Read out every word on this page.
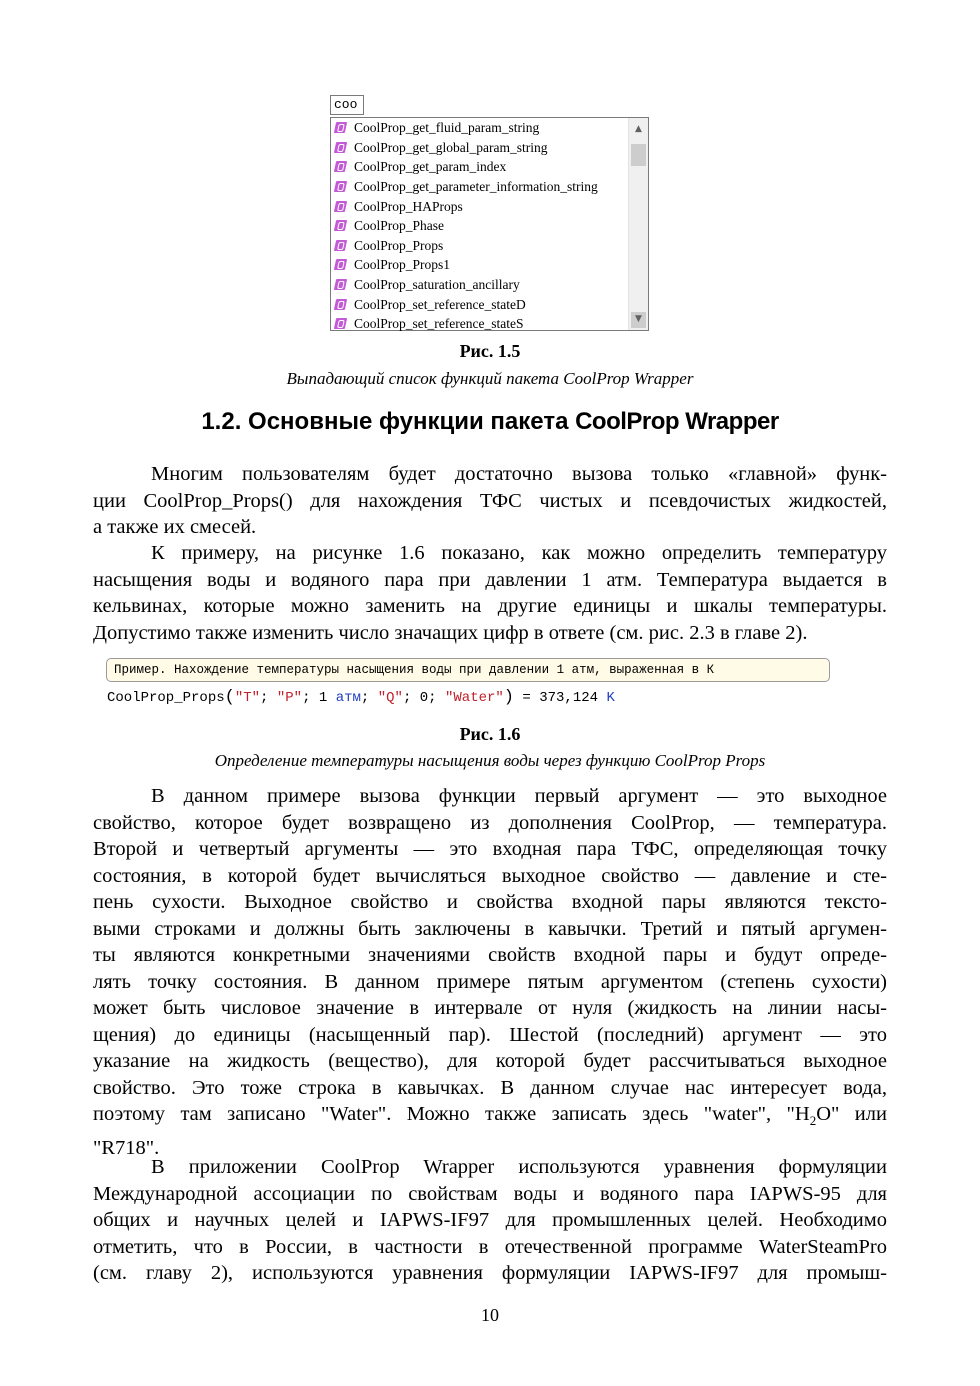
coo
CoolProp_get_fluid_param_string
CoolProp_get_global_param_string
CoolProp_get_param_index
CoolProp_get_parameter_information_string
CoolProp_HAProps
CoolProp_Phase
CoolProp_Props
CoolProp_Props1
CoolProp_saturation_ancillary
CoolProp_set_reference_stateD
CoolProp_set_reference_stateS
▲
▼
Рис. 1.5
Выпадающий список функций пакета CoolProp Wrapper
1.2. Основные функции пакета CoolProp Wrapper
Многим пользователям будет достаточно вызова только «главной» функ-
ции CoolProp_Props() для нахождения ТФС чистых и псевдочистых жидкостей,
а также их смесей.
К примеру, на рисунке 1.6 показано, как можно определить температуру
насыщения воды и водяного пара при давлении 1 атм. Температура выдается в
кельвинах, которые можно заменить на другие единицы и шкалы температуры.
Допустимо также изменить число значащих цифр в ответе (см. рис. 2.3 в главе 2).
Пример. Нахождение температуры насыщения воды при давлении 1 атм, выраженная в К
CoolProp_Props("T"; "P"; 1 атм; "Q"; 0; "Water") = 373,124 K
Рис. 1.6
Определение температуры насыщения воды через функцию CoolProp Props
В данном примере вызова функции первый аргумент — это выходное
свойство, которое будет возвращено из дополнения CoolProp, — температура.
Второй и четвертый аргументы — это входная пара ТФС, определяющая точку
состояния, в которой будет вычисляться выходное свойство — давление и сте-
пень сухости. Выходное свойство и свойства входной пары являются тексто-
выми строками и должны быть заключены в кавычки. Третий и пятый аргумен-
ты являются конкретными значениями свойств входной пары и будут опреде-
лять точку состояния. В данном примере пятым аргументом (степень сухости)
может быть числовое значение в интервале от нуля (жидкость на линии насы-
щения) до единицы (насыщенный пар). Шестой (последний) аргумент — это
указание на жидкость (вещество), для которой будет рассчитываться выходное
свойство. Это тоже строка в кавычках. В данном случае нас интересует вода,
поэтому там записано "Water". Можно также записать здесь "water", "$H_2O$" или
"R718".
В приложении CoolProp Wrapper используются уравнения формуляции
Международной ассоциации по свойствам воды и водяного пара IAPWS-95 для
общих и научных целей и IAPWS-IF97 для промышленных целей. Необходимо
отметить, что в России, в частности в отечественной программе WaterSteamPro
(см. главу 2), используются уравнения формуляции IAPWS-IF97 для промыш-
10
